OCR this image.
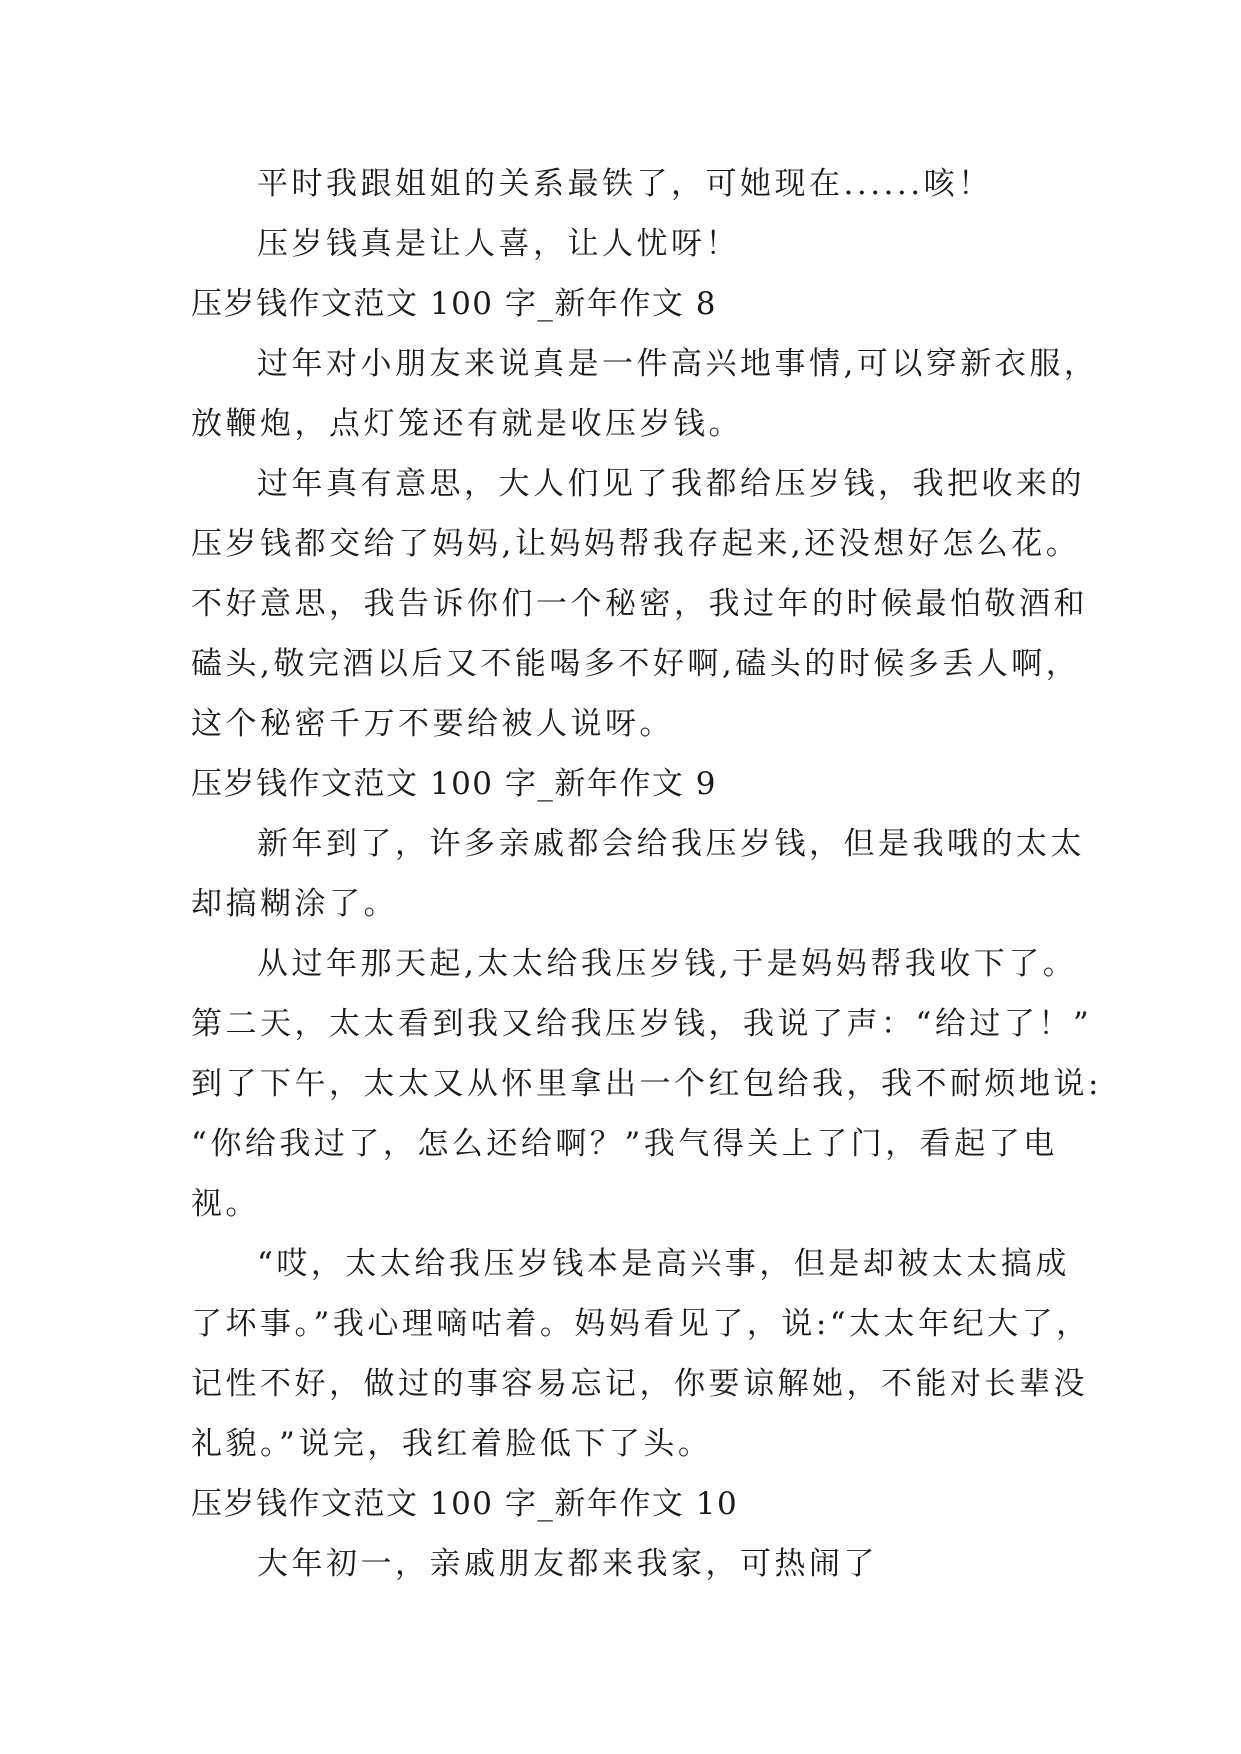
平时我跟姐姐的关系最铁了，可她现在......咳！
压岁钱真是让人喜，让人忧呀！
压岁钱作文范文 100 字_新年作文 8
过年对小朋友来说真是一件高兴地事情,可以穿新衣服，
放鞭炮，点灯笼还有就是收压岁钱。
过年真有意思，大人们见了我都给压岁钱，我把收来的
压岁钱都交给了妈妈,让妈妈帮我存起来,还没想好怎么花。
不好意思，我告诉你们一个秘密，我过年的时候最怕敬酒和
磕头,敬完酒以后又不能喝多不好啊,磕头的时候多丢人啊，
这个秘密千万不要给被人说呀。
压岁钱作文范文 100 字_新年作文 9
新年到了，许多亲戚都会给我压岁钱，但是我哦的太太
却搞糊涂了。
从过年那天起,太太给我压岁钱,于是妈妈帮我收下了。
第二天，太太看到我又给我压岁钱，我说了声：“给过了！”
到了下午，太太又从怀里拿出一个红包给我，我不耐烦地说:
“你给我过了，怎么还给啊？”我气得关上了门，看起了电
视。
“哎，太太给我压岁钱本是高兴事，但是却被太太搞成
了坏事。”我心理嘀咕着。妈妈看见了，说:“太太年纪大了，
记性不好，做过的事容易忘记，你要谅解她，不能对长辈没
礼貌。”说完，我红着脸低下了头。
压岁钱作文范文 100 字_新年作文 10
大年初一，亲戚朋友都来我家，可热闹了
